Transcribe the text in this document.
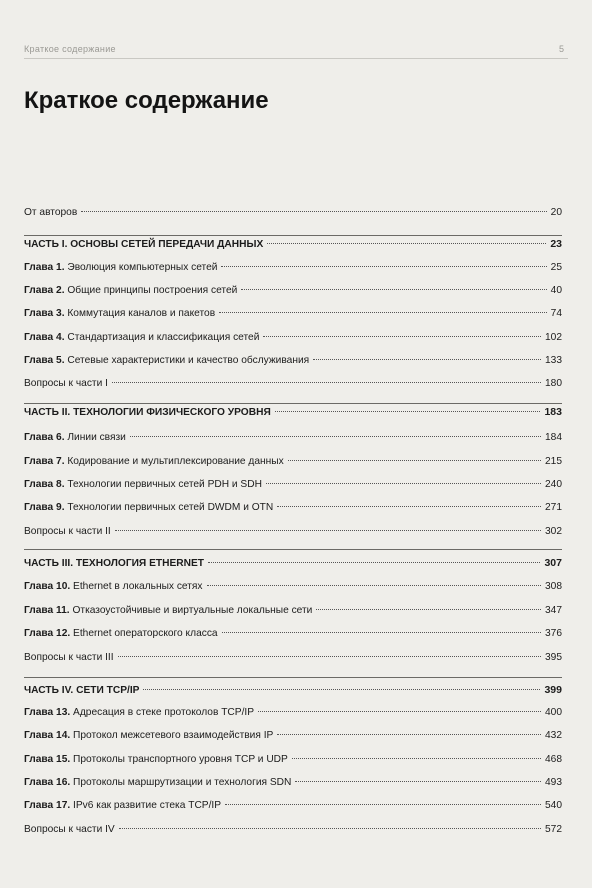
Краткое содержание	5
Краткое содержание
От авторов	20
ЧАСТЬ I. ОСНОВЫ СЕТЕЙ ПЕРЕДАЧИ ДАННЫХ	23
Глава 1. Эволюция компьютерных сетей	25
Глава 2. Общие принципы построения сетей	40
Глава 3. Коммутация каналов и пакетов	74
Глава 4. Стандартизация и классификация сетей	102
Глава 5. Сетевые характеристики и качество обслуживания	133
Вопросы к части I	180
ЧАСТЬ II. ТЕХНОЛОГИИ ФИЗИЧЕСКОГО УРОВНЯ	183
Глава 6. Линии связи	184
Глава 7. Кодирование и мультиплексирование данных	215
Глава 8. Технологии первичных сетей PDH и SDH	240
Глава 9. Технологии первичных сетей DWDM и OTN	271
Вопросы к части II	302
ЧАСТЬ III. ТЕХНОЛОГИЯ ETHERNET	307
Глава 10. Ethernet в локальных сетях	308
Глава 11. Отказоустойчивые и виртуальные локальные сети	347
Глава 12. Ethernet операторского класса	376
Вопросы к части III	395
ЧАСТЬ IV. СЕТИ TCP/IP	399
Глава 13. Адресация в стеке протоколов TCP/IP	400
Глава 14. Протокол межсетевого взаимодействия IP	432
Глава 15. Протоколы транспортного уровня TCP и UDP	468
Глава 16. Протоколы маршрутизации и технология SDN	493
Глава 17. IPv6 как развитие стека TCP/IP	540
Вопросы к части IV	572
